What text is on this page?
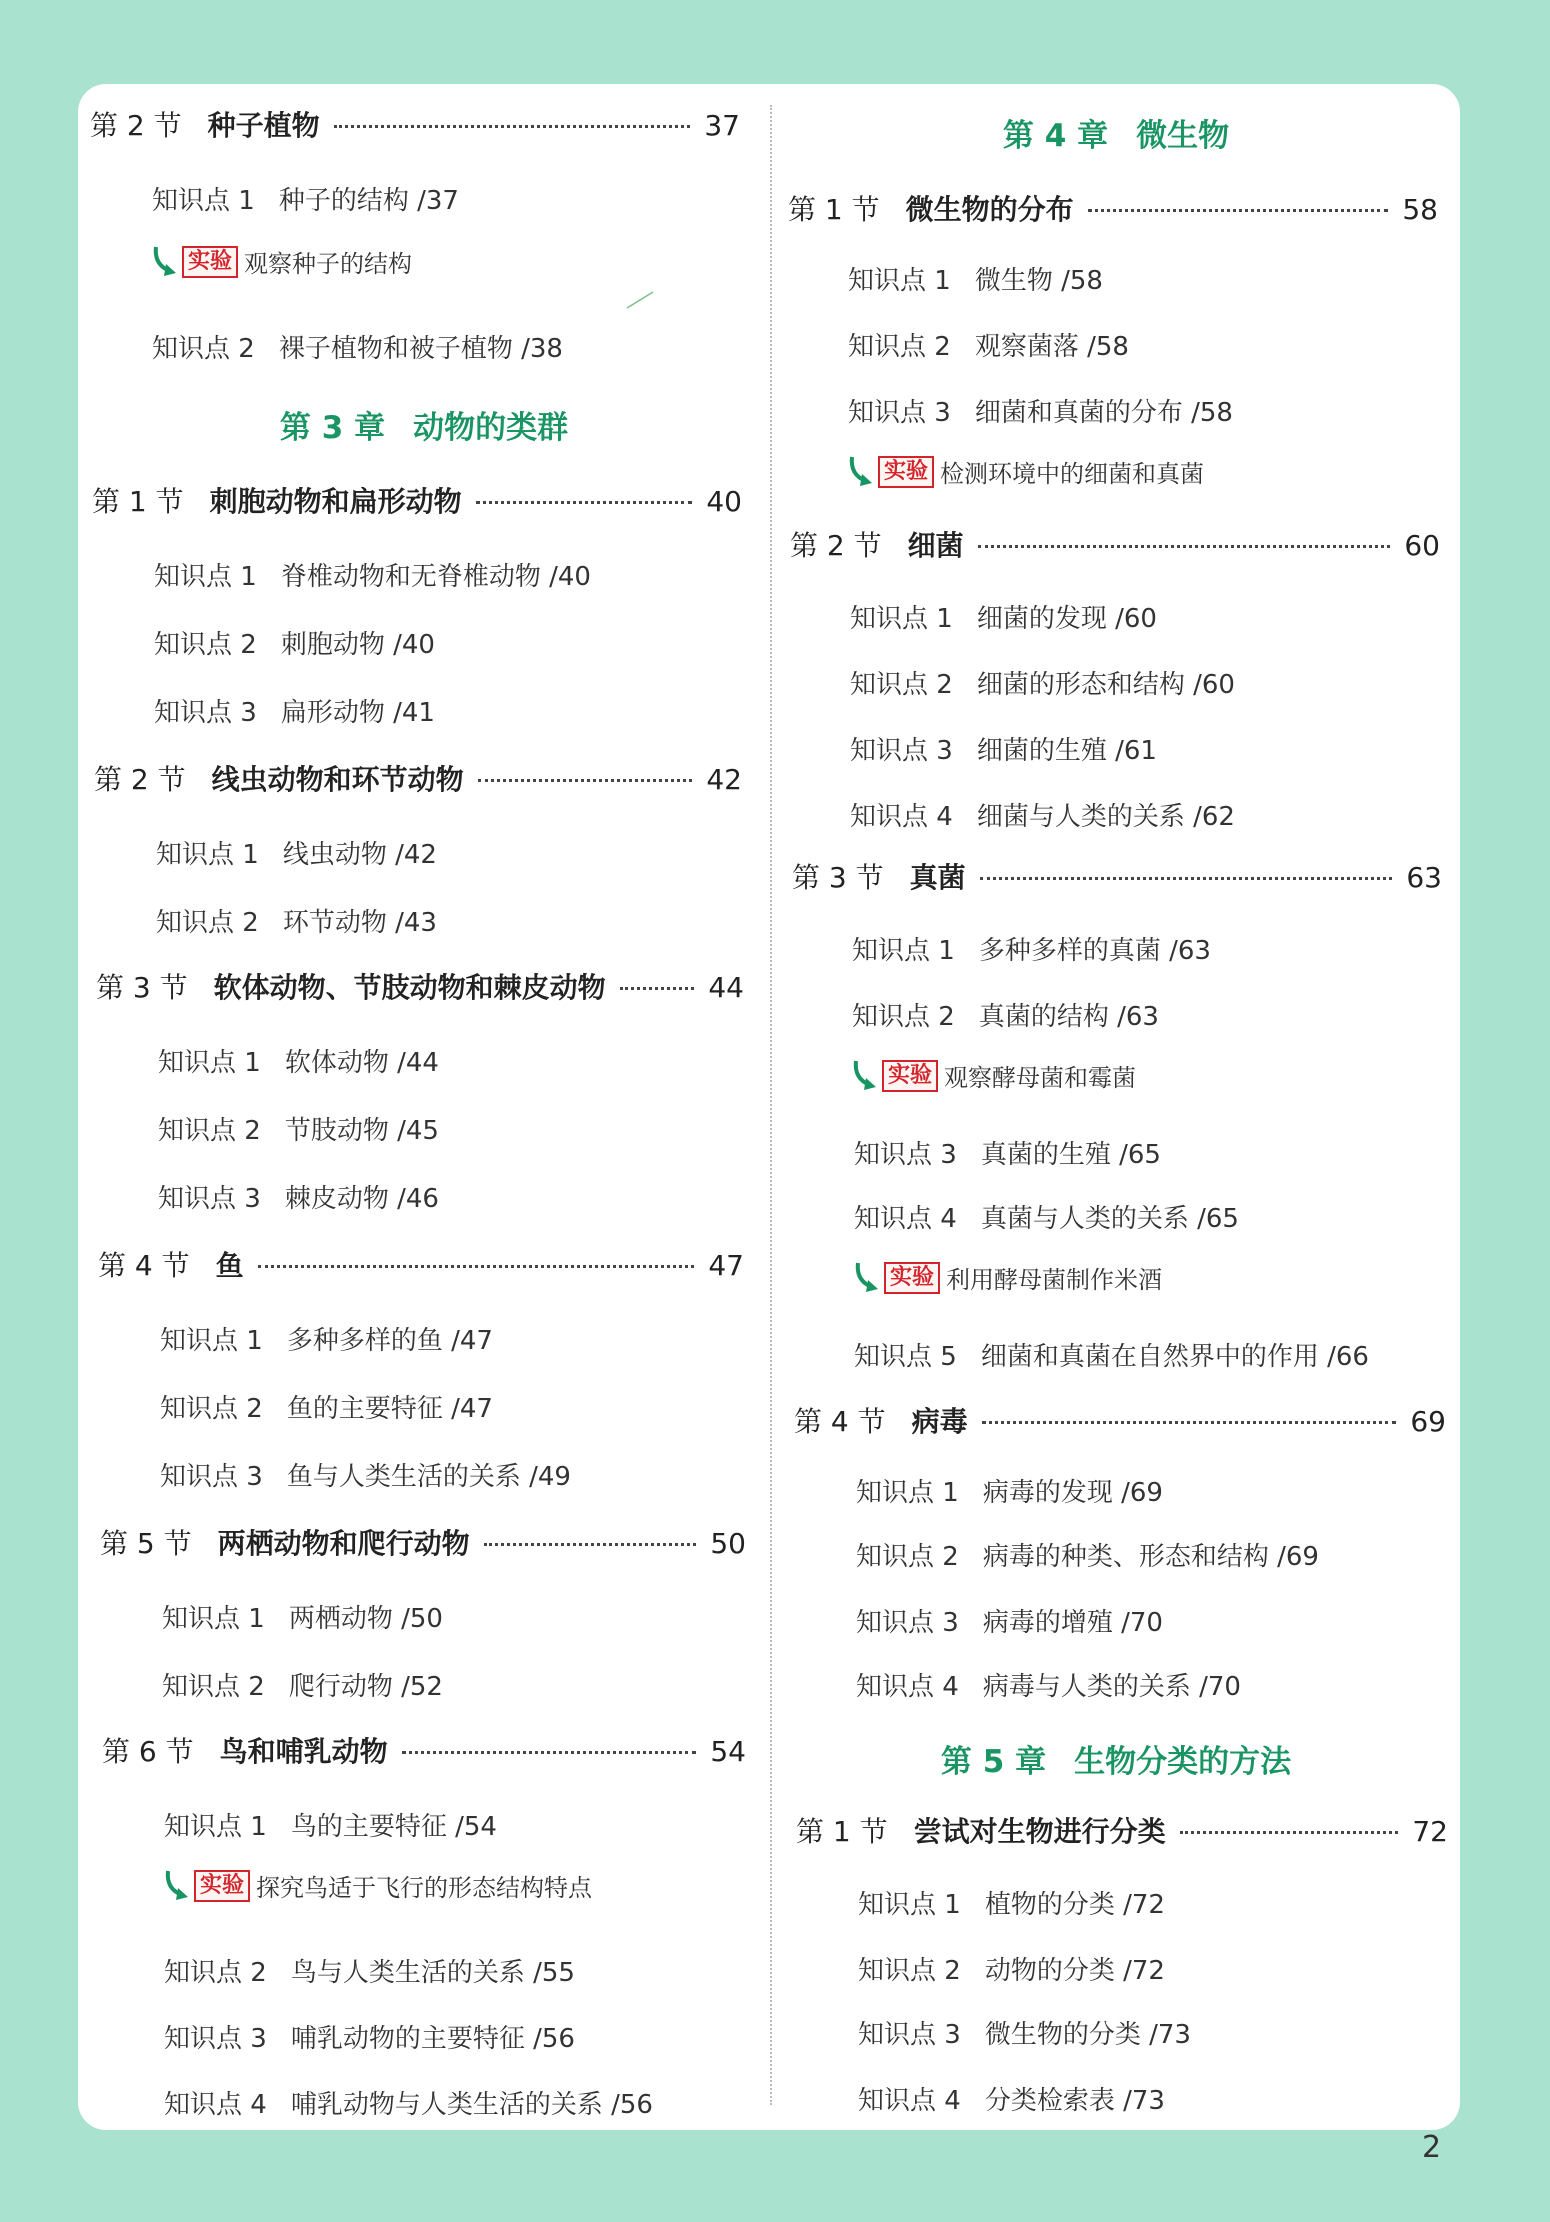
第 2 节 种子植物	37
知识点 1 种子的结构 /37
实验 观察种子的结构
知识点 2 裸子植物和被子植物 /38
第 3 章 动物的类群
第 1 节 刺胞动物和扁形动物	40
知识点 1 脊椎动物和无脊椎动物 /40
知识点 2 刺胞动物 /40
知识点 3 扁形动物 /41
第 2 节 线虫动物和环节动物	42
知识点 1 线虫动物 /42
知识点 2 环节动物 /43
第 3 节 软体动物、节肢动物和棘皮动物	44
知识点 1 软体动物 /44
知识点 2 节肢动物 /45
知识点 3 棘皮动物 /46
第 4 节 鱼	47
知识点 1 多种多样的鱼 /47
知识点 2 鱼的主要特征 /47
知识点 3 鱼与人类生活的关系 /49
第 5 节 两栖动物和爬行动物	50
知识点 1 两栖动物 /50
知识点 2 爬行动物 /52
第 6 节 鸟和哺乳动物	54
知识点 1 鸟的主要特征 /54
实验 探究鸟适于飞行的形态结构特点
知识点 2 鸟与人类生活的关系 /55
知识点 3 哺乳动物的主要特征 /56
知识点 4 哺乳动物与人类生活的关系 /56
第 4 章 微生物
第 1 节 微生物的分布	58
知识点 1 微生物 /58
知识点 2 观察菌落 /58
知识点 3 细菌和真菌的分布 /58
实验 检测环境中的细菌和真菌
第 2 节 细菌	60
知识点 1 细菌的发现 /60
知识点 2 细菌的形态和结构 /60
知识点 3 细菌的生殖 /61
知识点 4 细菌与人类的关系 /62
第 3 节 真菌	63
知识点 1 多种多样的真菌 /63
知识点 2 真菌的结构 /63
实验 观察酵母菌和霉菌
知识点 3 真菌的生殖 /65
知识点 4 真菌与人类的关系 /65
实验 利用酵母菌制作米酒
知识点 5 细菌和真菌在自然界中的作用 /66
第 4 节 病毒	69
知识点 1 病毒的发现 /69
知识点 2 病毒的种类、形态和结构 /69
知识点 3 病毒的增殖 /70
知识点 4 病毒与人类的关系 /70
第 5 章 生物分类的方法
第 1 节 尝试对生物进行分类	72
知识点 1 植物的分类 /72
知识点 2 动物的分类 /72
知识点 3 微生物的分类 /73
知识点 4 分类检索表 /73
2
